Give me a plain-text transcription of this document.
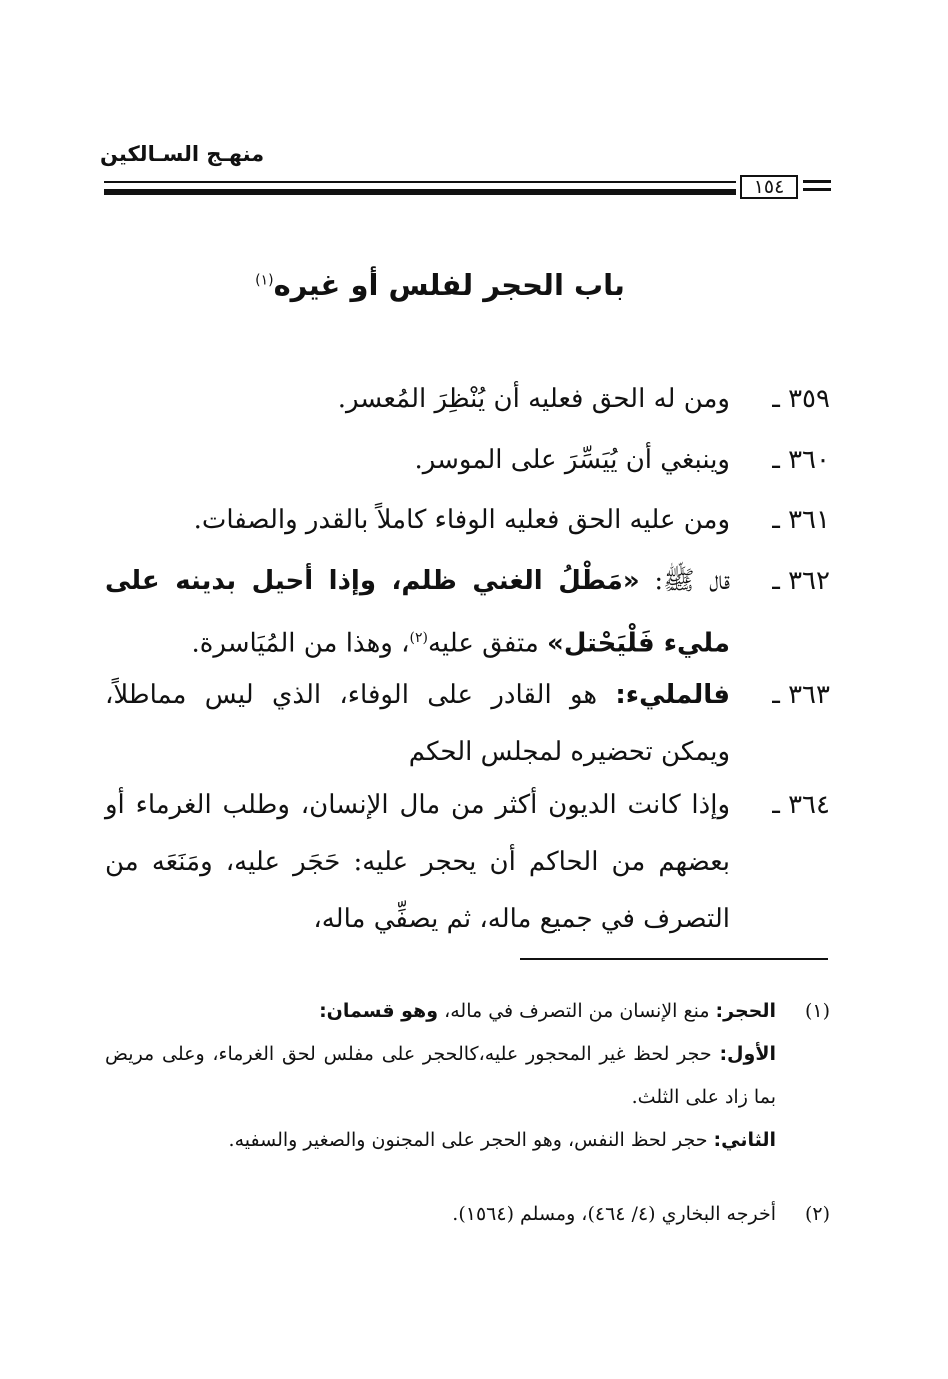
منهـج السـالكين
١٥٤
باب الحجر لفلس أو غيره$^{(١)}$
٣٥٩ ـ
ومن له الحق فعليه أن يُنْظِرَ المُعسر.
٣٦٠ ـ
وينبغي أن يُيَسِّرَ على الموسر.
٣٦١ ـ
ومن عليه الحق فعليه الوفاء كاملاً بالقدر والصفات.
٣٦٢ ـ
قال ﷺ: «مَطْلُ الغني ظلم، وإذا أحيل بدينه على مليء فَلْيَحْتل» متفق عليه$^{(٢)}$، وهذا من المُيَاسرة.
٣٦٣ ـ
فالمليء: هو القادر على الوفاء، الذي ليس مماطلاً، ويمكن تحضيره لمجلس الحكم
٣٦٤ ـ
وإذا كانت الديون أكثر من مال الإنسان، وطلب الغرماء أو بعضهم من الحاكم أن يحجر عليه: حَجَر عليه، ومَنَعَه من التصرف في جميع ماله، ثم يصفِّي ماله،
(١)
الحجر: منع الإنسان من التصرف في ماله، وهو قسمان:
الأول: حجر لحظ غير المحجور عليه،كالحجر على مفلس لحق الغرماء، وعلى مريض بما زاد على الثلث.
الثاني: حجر لحظ النفس، وهو الحجر على المجنون والصغير والسفيه.
(٢)
أخرجه البخاري (٤/ ٤٦٤)، ومسلم (١٥٦٤).
